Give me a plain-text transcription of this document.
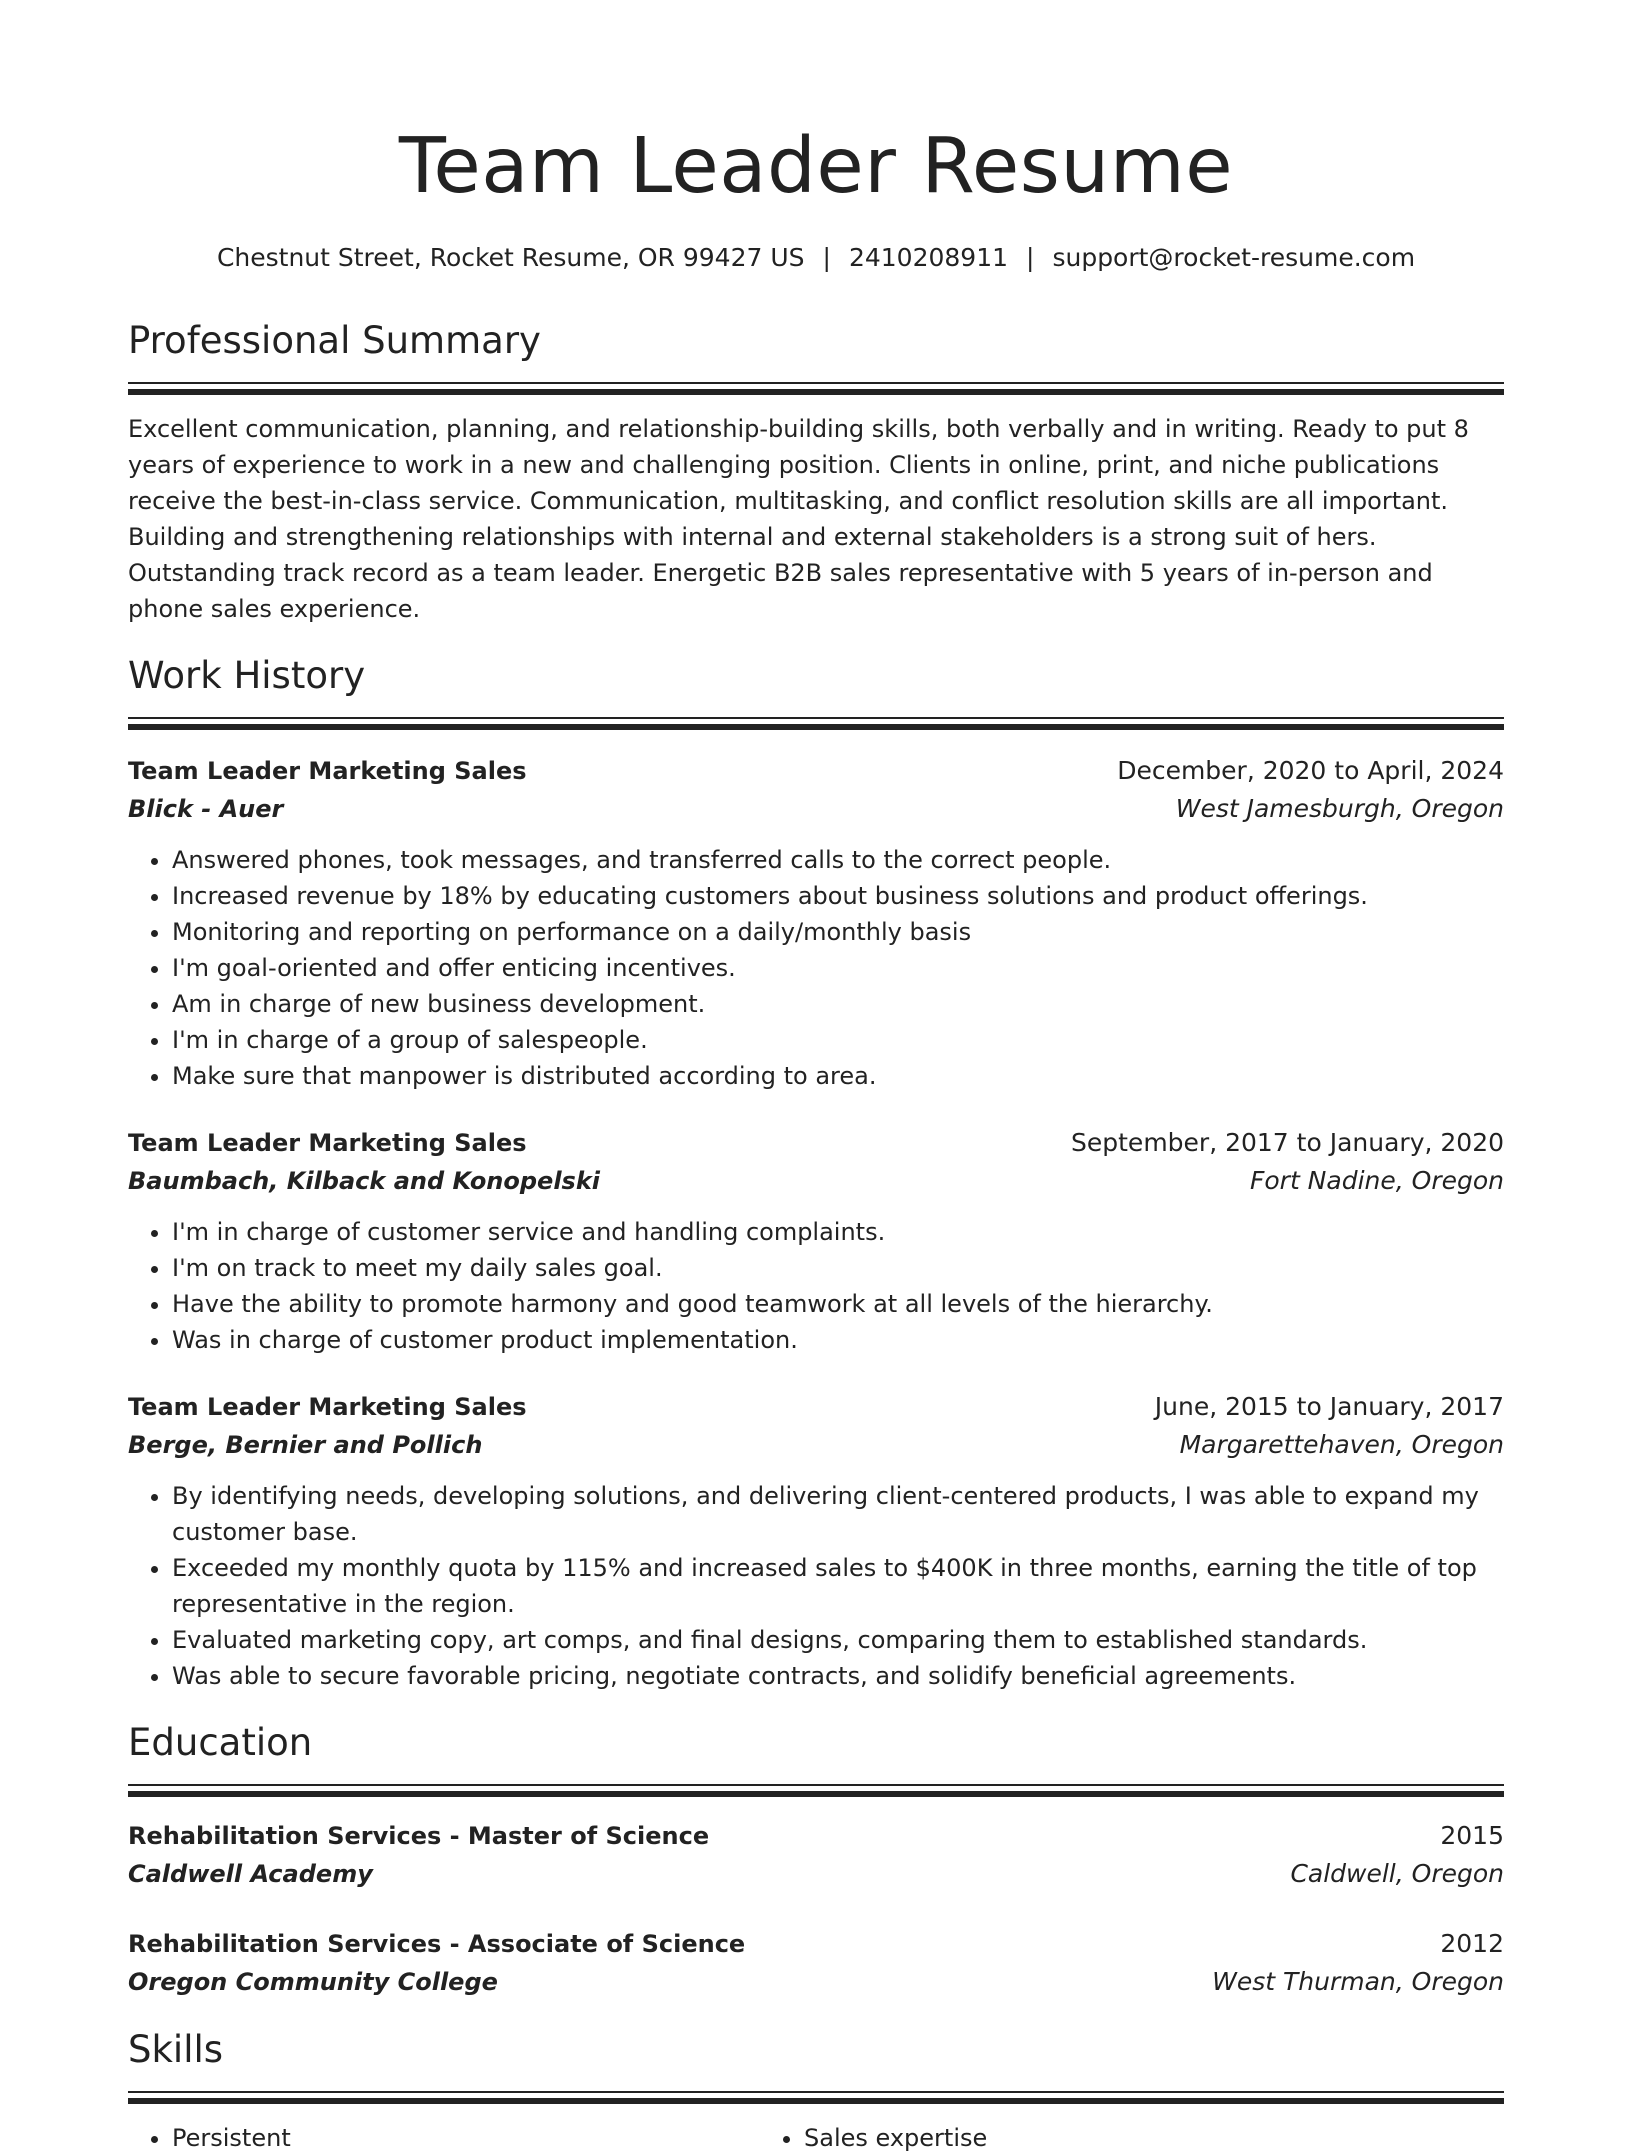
Team Leader Resume
Chestnut Street, Rocket Resume, OR 99427 US | 2410208911 | support@rocket-resume.com
Professional Summary

Excellent communication, planning, and relationship-building skills, both verbally and in writing. Ready to put 8 years of experience to work in a new and challenging position. Clients in online, print, and niche publications receive the best-in-class service. Communication, multitasking, and conflict resolution skills are all important. Building and strengthening relationships with internal and external stakeholders is a strong suit of hers. Outstanding track record as a team leader. Energetic B2B sales representative with 5 years of in-person and phone sales experience.

Work History
Team Leader Marketing Sales	December, 2020 to April, 2024
Blick - Auer	West Jamesburgh, Oregon
• Answered phones, took messages, and transferred calls to the correct people.
• Increased revenue by 18% by educating customers about business solutions and product offerings.
• Monitoring and reporting on performance on a daily/monthly basis
• I'm goal-oriented and offer enticing incentives.
• Am in charge of new business development.
• I'm in charge of a group of salespeople.
• Make sure that manpower is distributed according to area.
Team Leader Marketing Sales	September, 2017 to January, 2020
Baumbach, Kilback and Konopelski	Fort Nadine, Oregon
• I'm in charge of customer service and handling complaints.
• I'm on track to meet my daily sales goal.
• Have the ability to promote harmony and good teamwork at all levels of the hierarchy.
• Was in charge of customer product implementation.
Team Leader Marketing Sales	June, 2015 to January, 2017
Berge, Bernier and Pollich	Margarettehaven, Oregon
• By identifying needs, developing solutions, and delivering client-centered products, I was able to expand my customer base.
• Exceeded my monthly quota by 115% and increased sales to $400K in three months, earning the title of top representative in the region.
• Evaluated marketing copy, art comps, and final designs, comparing them to established standards.
• Was able to secure favorable pricing, negotiate contracts, and solidify beneficial agreements.
Education
Rehabilitation Services - Master of Science	2015
Caldwell Academy	Caldwell, Oregon
Rehabilitation Services - Associate of Science	2012
Oregon Community College	West Thurman, Oregon
Skills
• Persistent
•	Sales expertise
